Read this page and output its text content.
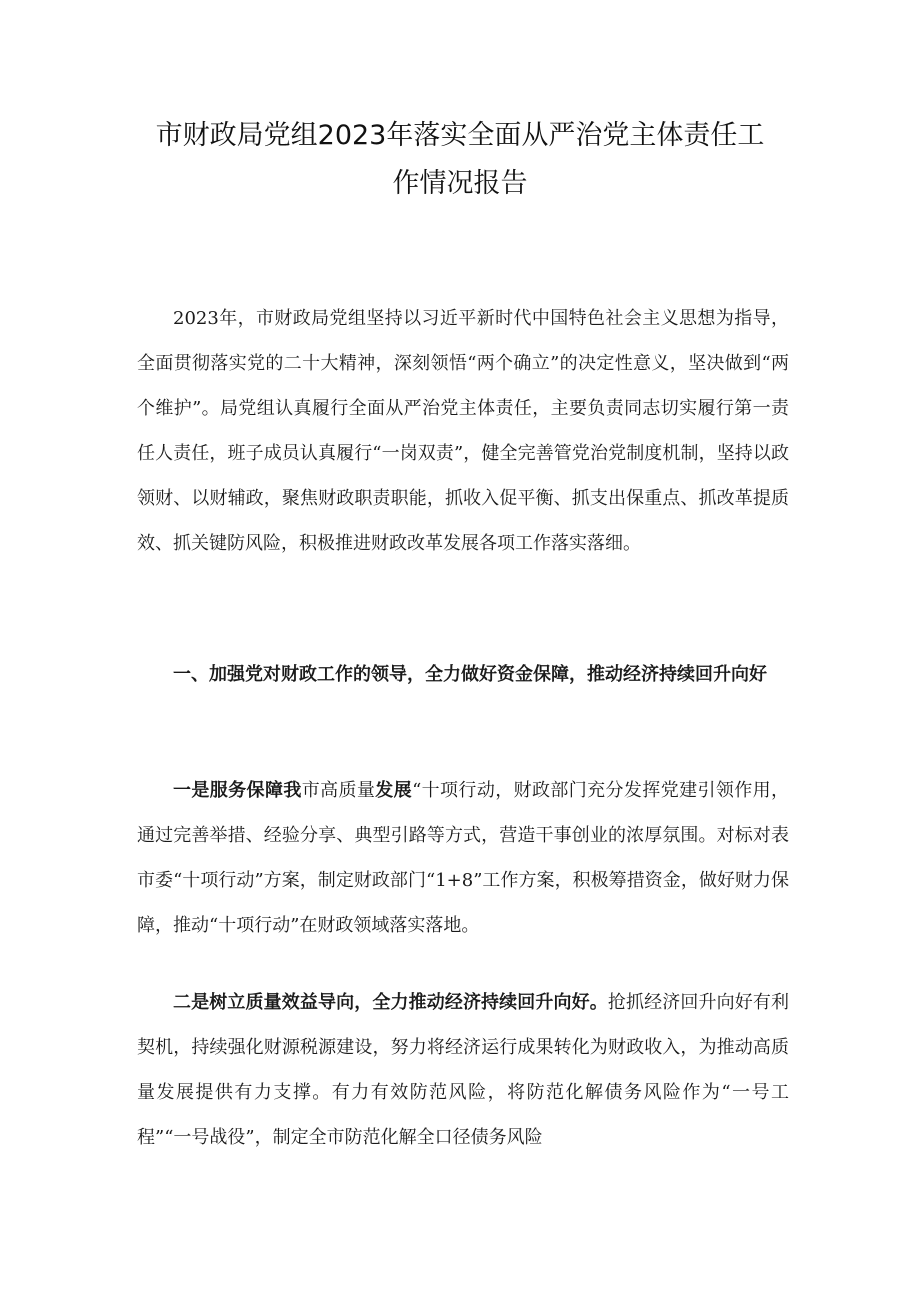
市财政局党组2023年落实全面从严治党主体责任工
作情况报告

2023年，市财政局党组坚持以习近平新时代中国特色社会主义思想为指导，全面贯彻落实党的二十大精神，深刻领悟“两个确立”的决定性意义，坚决做到“两个维护”。局党组认真履行全面从严治党主体责任，主要负责同志切实履行第一责任人责任，班子成员认真履行“一岗双责”，健全完善管党治党制度机制，坚持以政领财、以财辅政，聚焦财政职责职能，抓收入促平衡、抓支出保重点、抓改革提质效、抓关键防风险，积极推进财政改革发展各项工作落实落细。

一、加强党对财政工作的领导，全力做好资金保障，推动经济持续回升向好

一是服务保障我市高质量发展“十项行动，财政部门充分发挥党建引领作用，通过完善举措、经验分享、典型引路等方式，营造干事创业的浓厚氛围。对标对表市委“十项行动”方案，制定财政部门“1+8”工作方案，积极筹措资金，做好财力保障，推动“十项行动”在财政领域落实落地。

二是树立质量效益导向，全力推动经济持续回升向好。抢抓经济回升向好有利契机，持续强化财源税源建设，努力将经济运行成果转化为财政收入，为推动高质量发展提供有力支撑。有力有效防范风险，将防范化解债务风险作为“一号工程”“一号战役”，制定全市防范化解全口径债务风险
